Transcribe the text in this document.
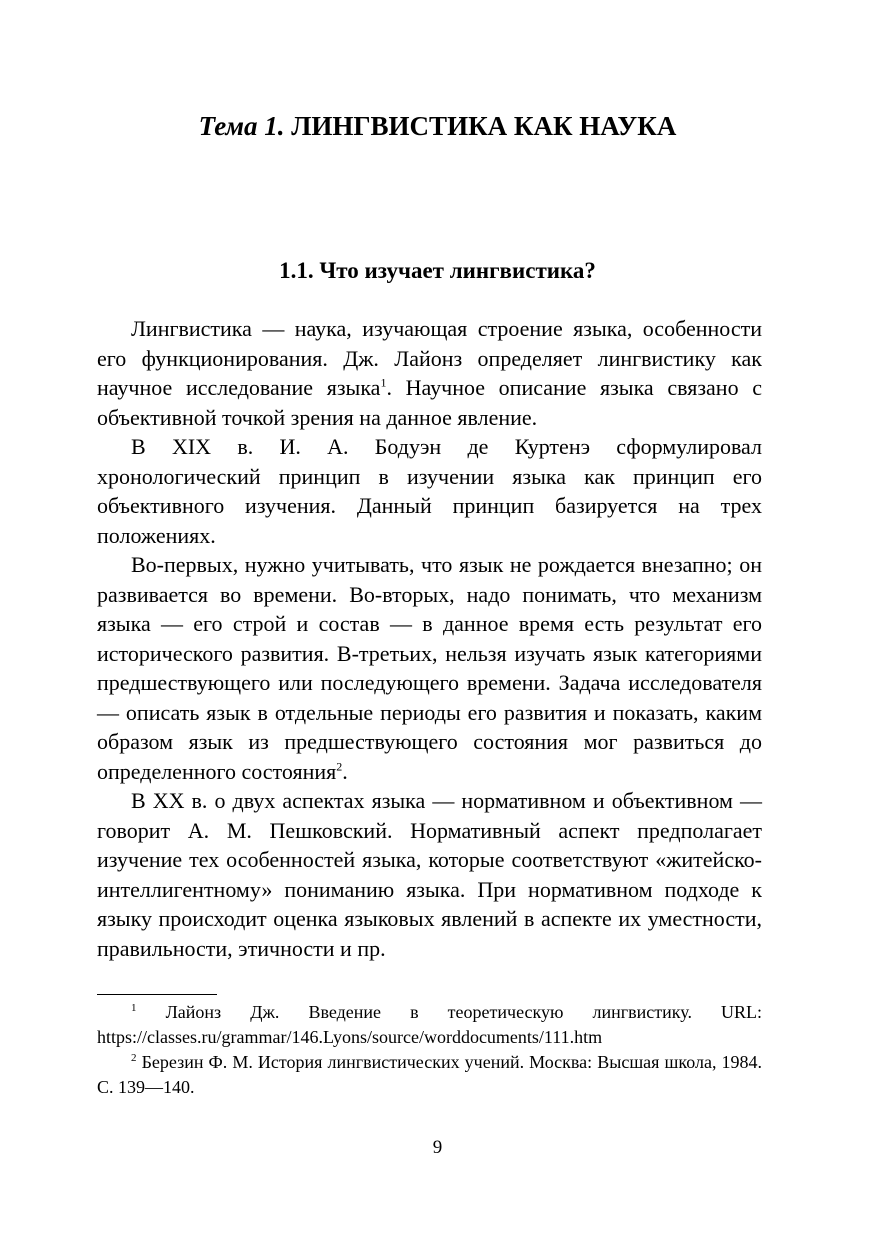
Тема 1. ЛИНГВИСТИКА КАК НАУКА
1.1. Что изучает лингвистика?

Лингвистика — наука, изучающая строение языка, особенности его функционирования. Дж. Лайонз определяет лингвистику как научное исследование языка$^1$. Научное описание языка связано с объективной точкой зрения на данное явление.

В XIX в. И. А. Бодуэн де Куртенэ сформулировал хронологический принцип в изучении языка как принцип его объективного изучения. Данный принцип базируется на трех положениях.

Во-первых, нужно учитывать, что язык не рождается внезапно; он развивается во времени. Во-вторых, надо понимать, что механизм языка — его строй и состав — в данное время есть результат его исторического развития. В-третьих, нельзя изучать язык категориями предшествующего или последующего времени. Задача исследователя — описать язык в отдельные периоды его развития и показать, каким образом язык из предшествующего состояния мог развиться до определенного состояния$^2$.

В XX в. о двух аспектах языка — нормативном и объективном — говорит А. М. Пешковский. Нормативный аспект предполагает изучение тех особенностей языка, которые соответствуют «житейско-интеллигентному» пониманию языка. При нормативном подходе к языку происходит оценка языковых явлений в аспекте их уместности, правильности, этичности и пр.

$^1$ Лайонз Дж. Введение в теоретическую лингвистику. URL: https://classes.ru/grammar/146.Lyons/source/worddocuments/111.htm

$^2$ Березин Ф. М. История лингвистических учений. Москва: Высшая школа, 1984. С. 139—140.

9
